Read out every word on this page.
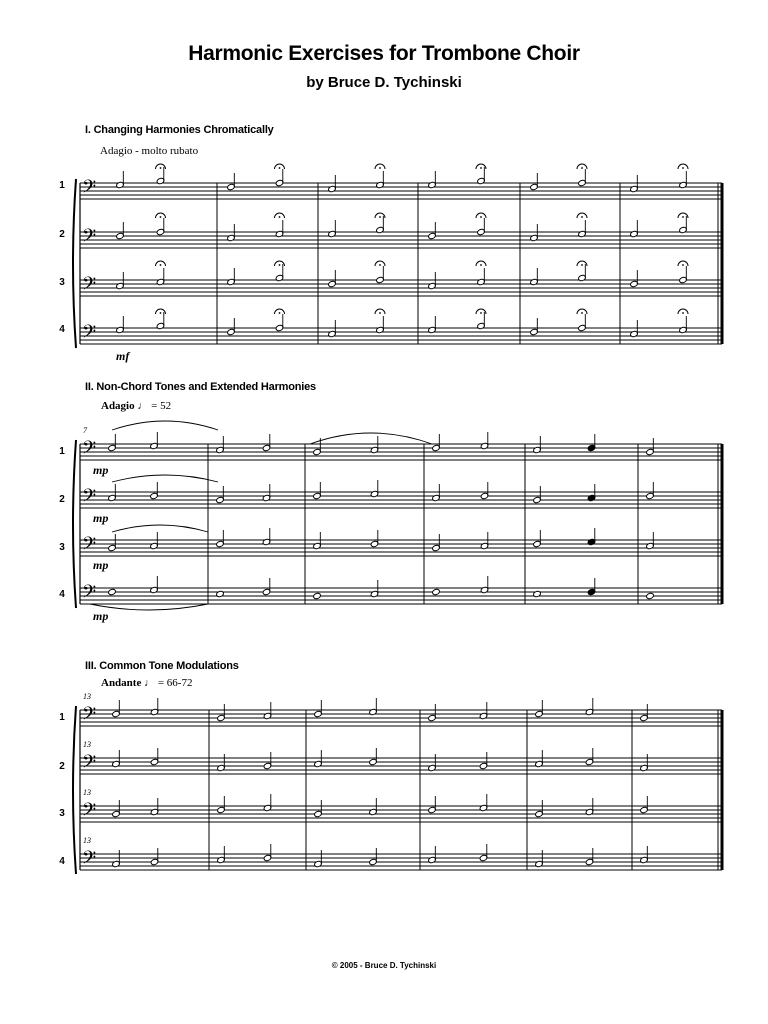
Harmonic Exercises for Trombone Choir
by Bruce D. Tychinski
I. Changing Harmonies Chromatically
Adagio - molto rubato
1
2
3
4
mf
II. Non-Chord Tones and Extended Harmonies
Adagio ♩ = 52
7
1
2
3
4
mp
mp
mp
mp
III. Common Tone Modulations
Andante ♩ = 66-72
13
13
13
13
1
2
3
4
𝄢
𝄢
𝄢
𝄢
𝄢
𝄢
𝄢
𝄢
𝄢
𝄢
𝄢
𝄢
© 2005 - Bruce D. Tychinski
